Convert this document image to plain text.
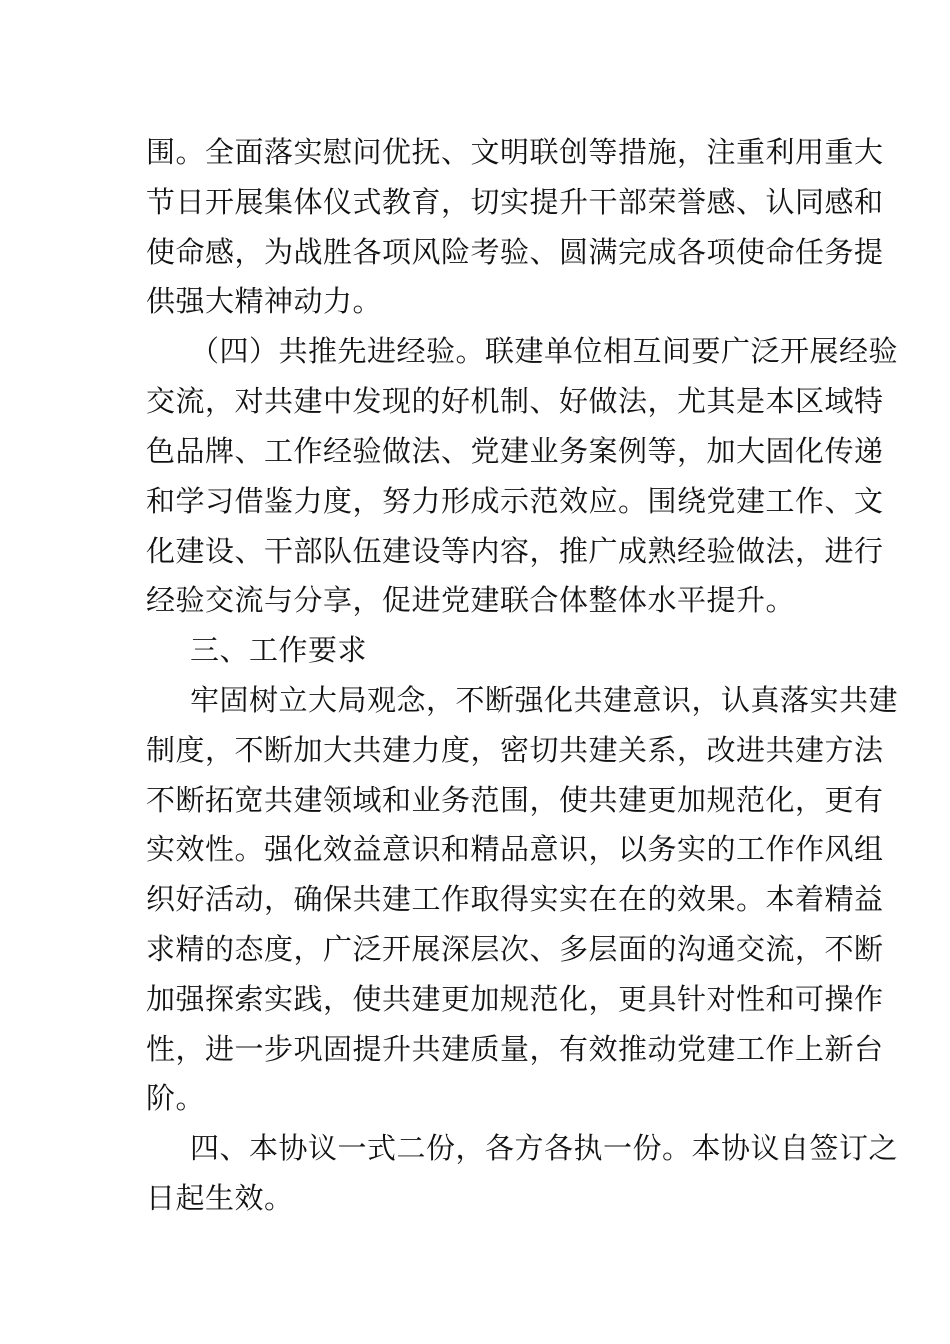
围。全面落实慰问优抚、文明联创等措施，注重利用重大

节日开展集体仪式教育，切实提升干部荣誉感、认同感和

使命感，为战胜各项风险考验、圆满完成各项使命任务提

供强大精神动力。

（四）共推先进经验。联建单位相互间要广泛开展经验

交流，对共建中发现的好机制、好做法，尤其是本区域特

色品牌、工作经验做法、党建业务案例等，加大固化传递

和学习借鉴力度，努力形成示范效应。围绕党建工作、文

化建设、干部队伍建设等内容，推广成熟经验做法，进行

经验交流与分享，促进党建联合体整体水平提升。

三、工作要求

牢固树立大局观念，不断强化共建意识，认真落实共建

制度，不断加大共建力度，密切共建关系，改进共建方法

不断拓宽共建领域和业务范围，使共建更加规范化，更有

实效性。强化效益意识和精品意识，以务实的工作作风组

织好活动，确保共建工作取得实实在在的效果。本着精益

求精的态度，广泛开展深层次、多层面的沟通交流，不断

加强探索实践，使共建更加规范化，更具针对性和可操作

性，进一步巩固提升共建质量，有效推动党建工作上新台

阶。

四、本协议一式二份，各方各执一份。本协议自签订之

日起生效。
